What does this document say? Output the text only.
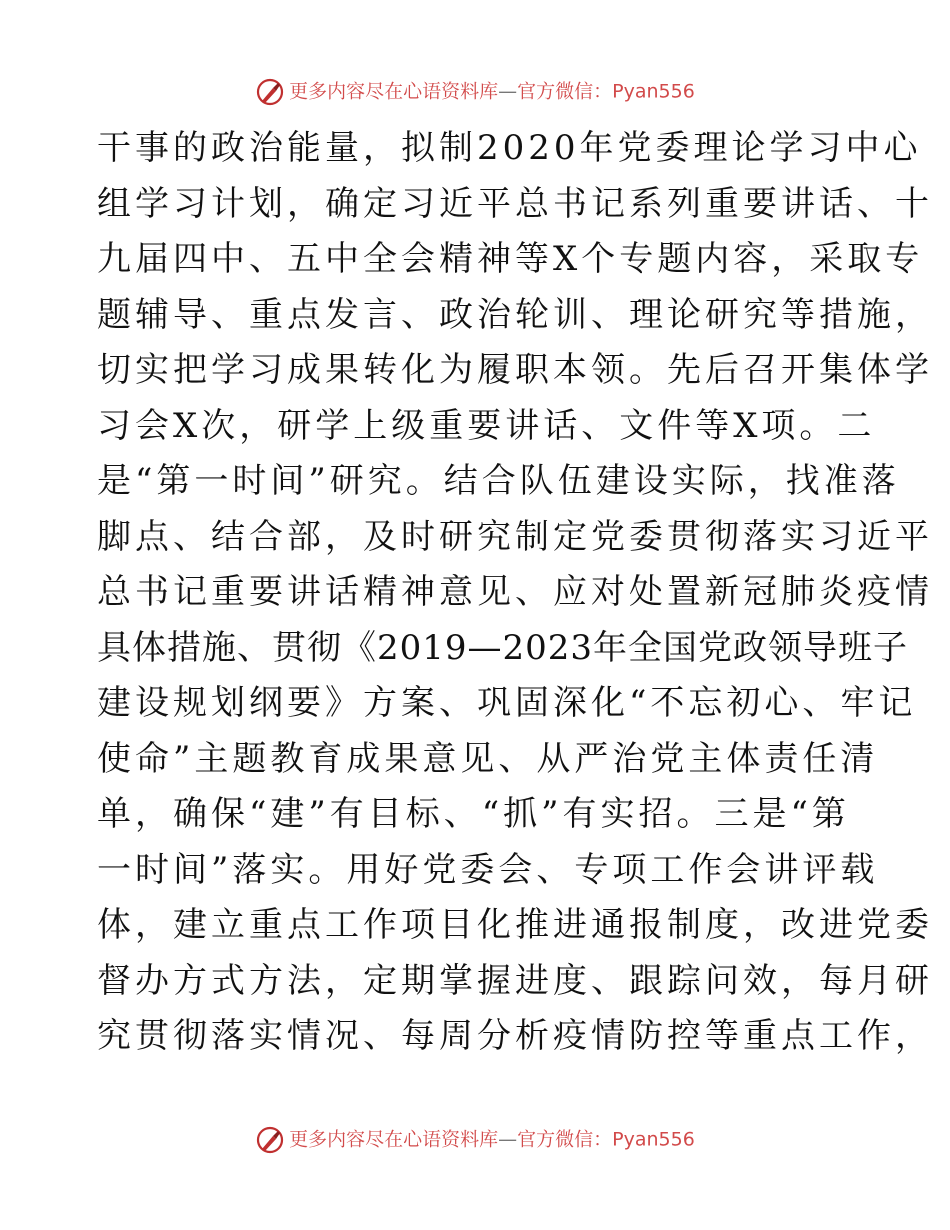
更多内容尽在心语资料库—官方微信：Pyan556
干事的政治能量，拟制2020年党委理论学习中心
组学习计划，确定习近平总书记系列重要讲话、十
九届四中、五中全会精神等X个专题内容，采取专
题辅导、重点发言、政治轮训、理论研究等措施，
切实把学习成果转化为履职本领。先后召开集体学
习会X次，研学上级重要讲话、文件等X项。二
是“第一时间”研究。结合队伍建设实际，找准落
脚点、结合部，及时研究制定党委贯彻落实习近平
总书记重要讲话精神意见、应对处置新冠肺炎疫情
具体措施、贯彻《2019—2023年全国党政领导班子
建设规划纲要》方案、巩固深化“不忘初心、牢记
使命”主题教育成果意见、从严治党主体责任清
单，确保“建”有目标、“抓”有实招。三是“第
一时间”落实。用好党委会、专项工作会讲评载
体，建立重点工作项目化推进通报制度，改进党委
督办方式方法，定期掌握进度、跟踪问效，每月研
究贯彻落实情况、每周分析疫情防控等重点工作，
更多内容尽在心语资料库—官方微信：Pyan556
